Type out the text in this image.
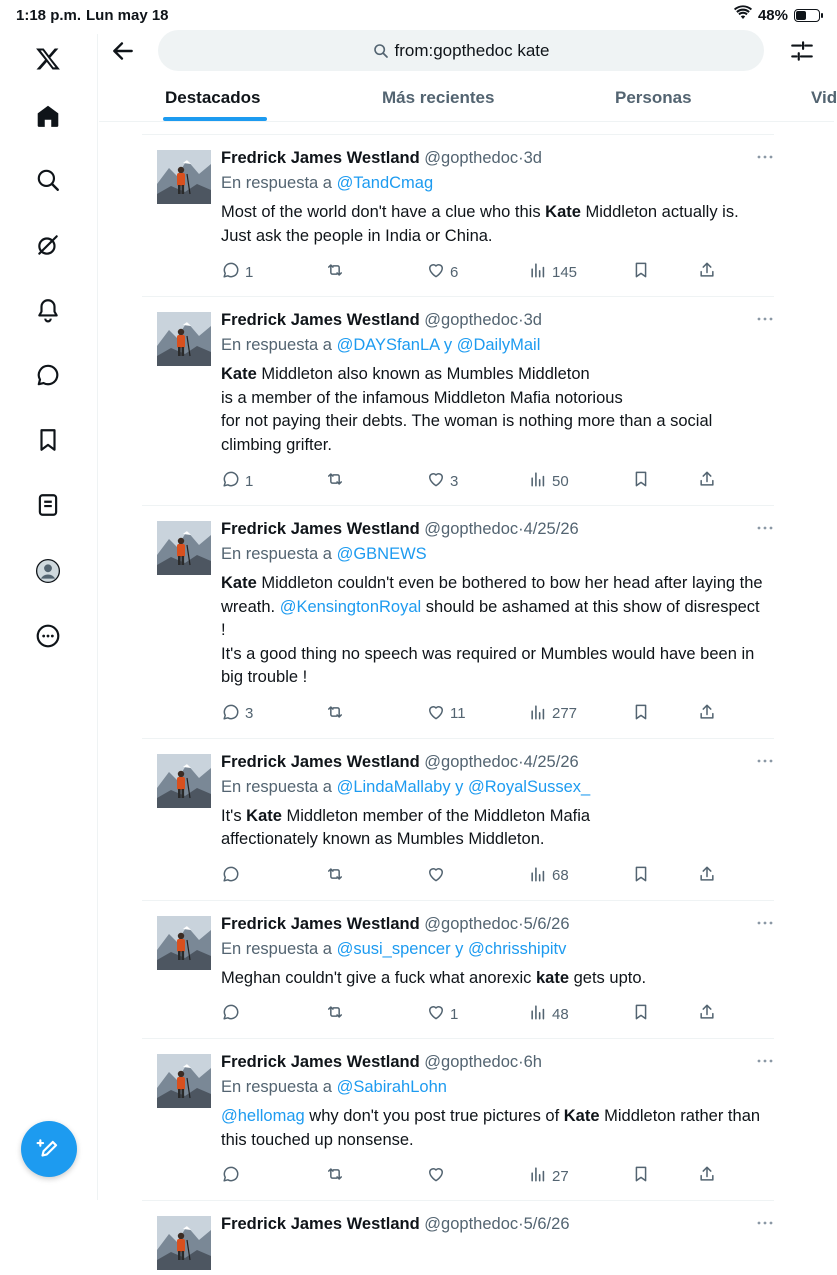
1:18 p.m. Lun may 18	48%
from:gopthedoc kate
Destacados	Más recientes	Personas	Vid
Fredrick James Westland @gopthedoc·3d
En respuesta a @TandCmag
Most of the world don't have a clue who this Kate Middleton actually is.
Just ask the people in India or China.
1	6	145
Fredrick James Westland @gopthedoc·3d
En respuesta a @DAYSfanLA y @DailyMail
Kate Middleton also known as Mumbles Middleton
is a member of the infamous Middleton Mafia notorious
for not paying their debts. The woman is nothing more than a social climbing grifter.
1	3	50
Fredrick James Westland @gopthedoc·4/25/26
En respuesta a @GBNEWS
Kate Middleton couldn't even be bothered to bow her head after laying the wreath. @KensingtonRoyal should be ashamed at this show of disrespect !
It's a good thing no speech was required or Mumbles would have been in big trouble !
3	11	277
Fredrick James Westland @gopthedoc·4/25/26
En respuesta a @LindaMallaby y @RoyalSussex_
It's Kate Middleton member of the Middleton Mafia
affectionately known as Mumbles Middleton.
68
Fredrick James Westland @gopthedoc·5/6/26
En respuesta a @susi_spencer y @chrisshipitv
Meghan couldn't give a fuck what anorexic kate gets upto.
1	48
Fredrick James Westland @gopthedoc·6h
En respuesta a @SabirahLohn
@hellomag why don't you post true pictures of Kate Middleton rather than this touched up nonsense.
27
Fredrick James Westland @gopthedoc·5/6/26
